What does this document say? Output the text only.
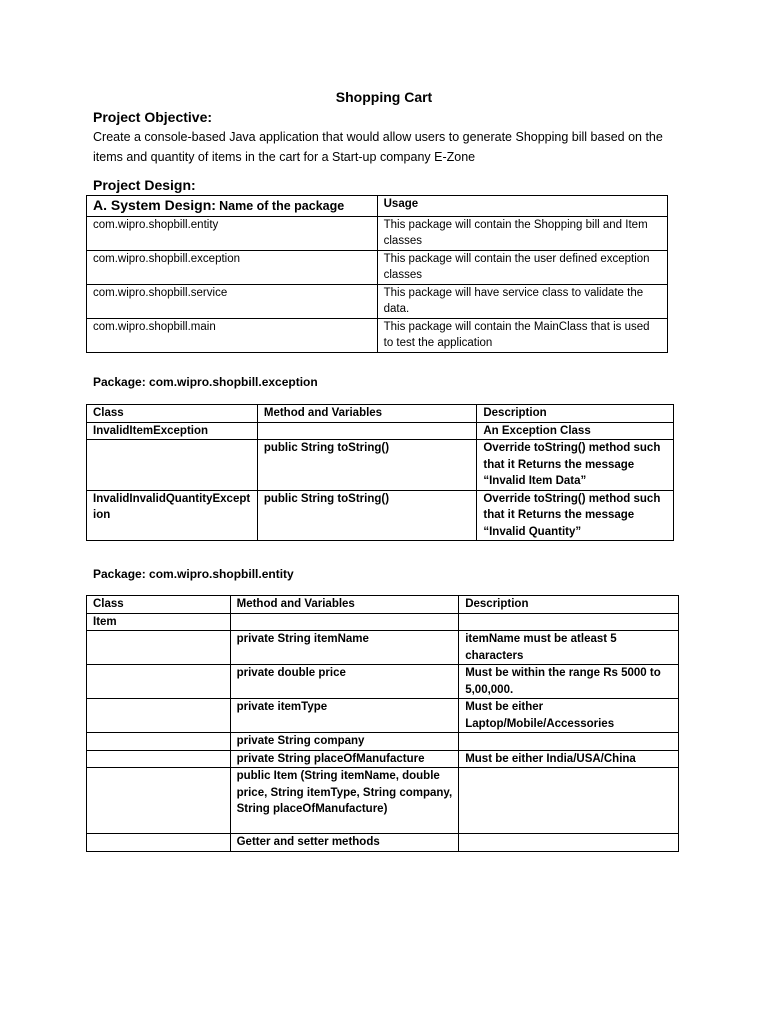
Shopping Cart
Project Objective:
Create a console-based Java application that would allow users to generate Shopping bill based on the items and quantity of items in the cart for a Start-up company E-Zone
Project Design:
A. System Design: Name of the package	Usage
com.wipro.shopbill.entity	This package will contain the Shopping bill and Item classes
com.wipro.shopbill.exception	This package will contain the user defined exception classes
com.wipro.shopbill.service	This package will have service class to validate the data.
com.wipro.shopbill.main	This package will contain the MainClass that is used to test the application
Package: com.wipro.shopbill.exception
Class	Method and Variables	Description
InvalidItemException		An Exception Class
	public String toString()	Override toString() method such that it Returns the message “Invalid Item Data”
InvalidInvalidQuantityException	public String toString()	Override toString() method such that it Returns the message “Invalid Quantity”
Package: com.wipro.shopbill.entity
Class	Method and Variables	Description
Item		
	private String itemName	itemName must be atleast 5 characters
	private double price	Must be within the range Rs 5000 to 5,00,000.
	private itemType	Must be either Laptop/Mobile/Accessories
	private String company	
	private String placeOfManufacture	Must be either India/USA/China
	public Item (String itemName, double price, String itemType, String company, String placeOfManufacture)	
	Getter and setter methods	
